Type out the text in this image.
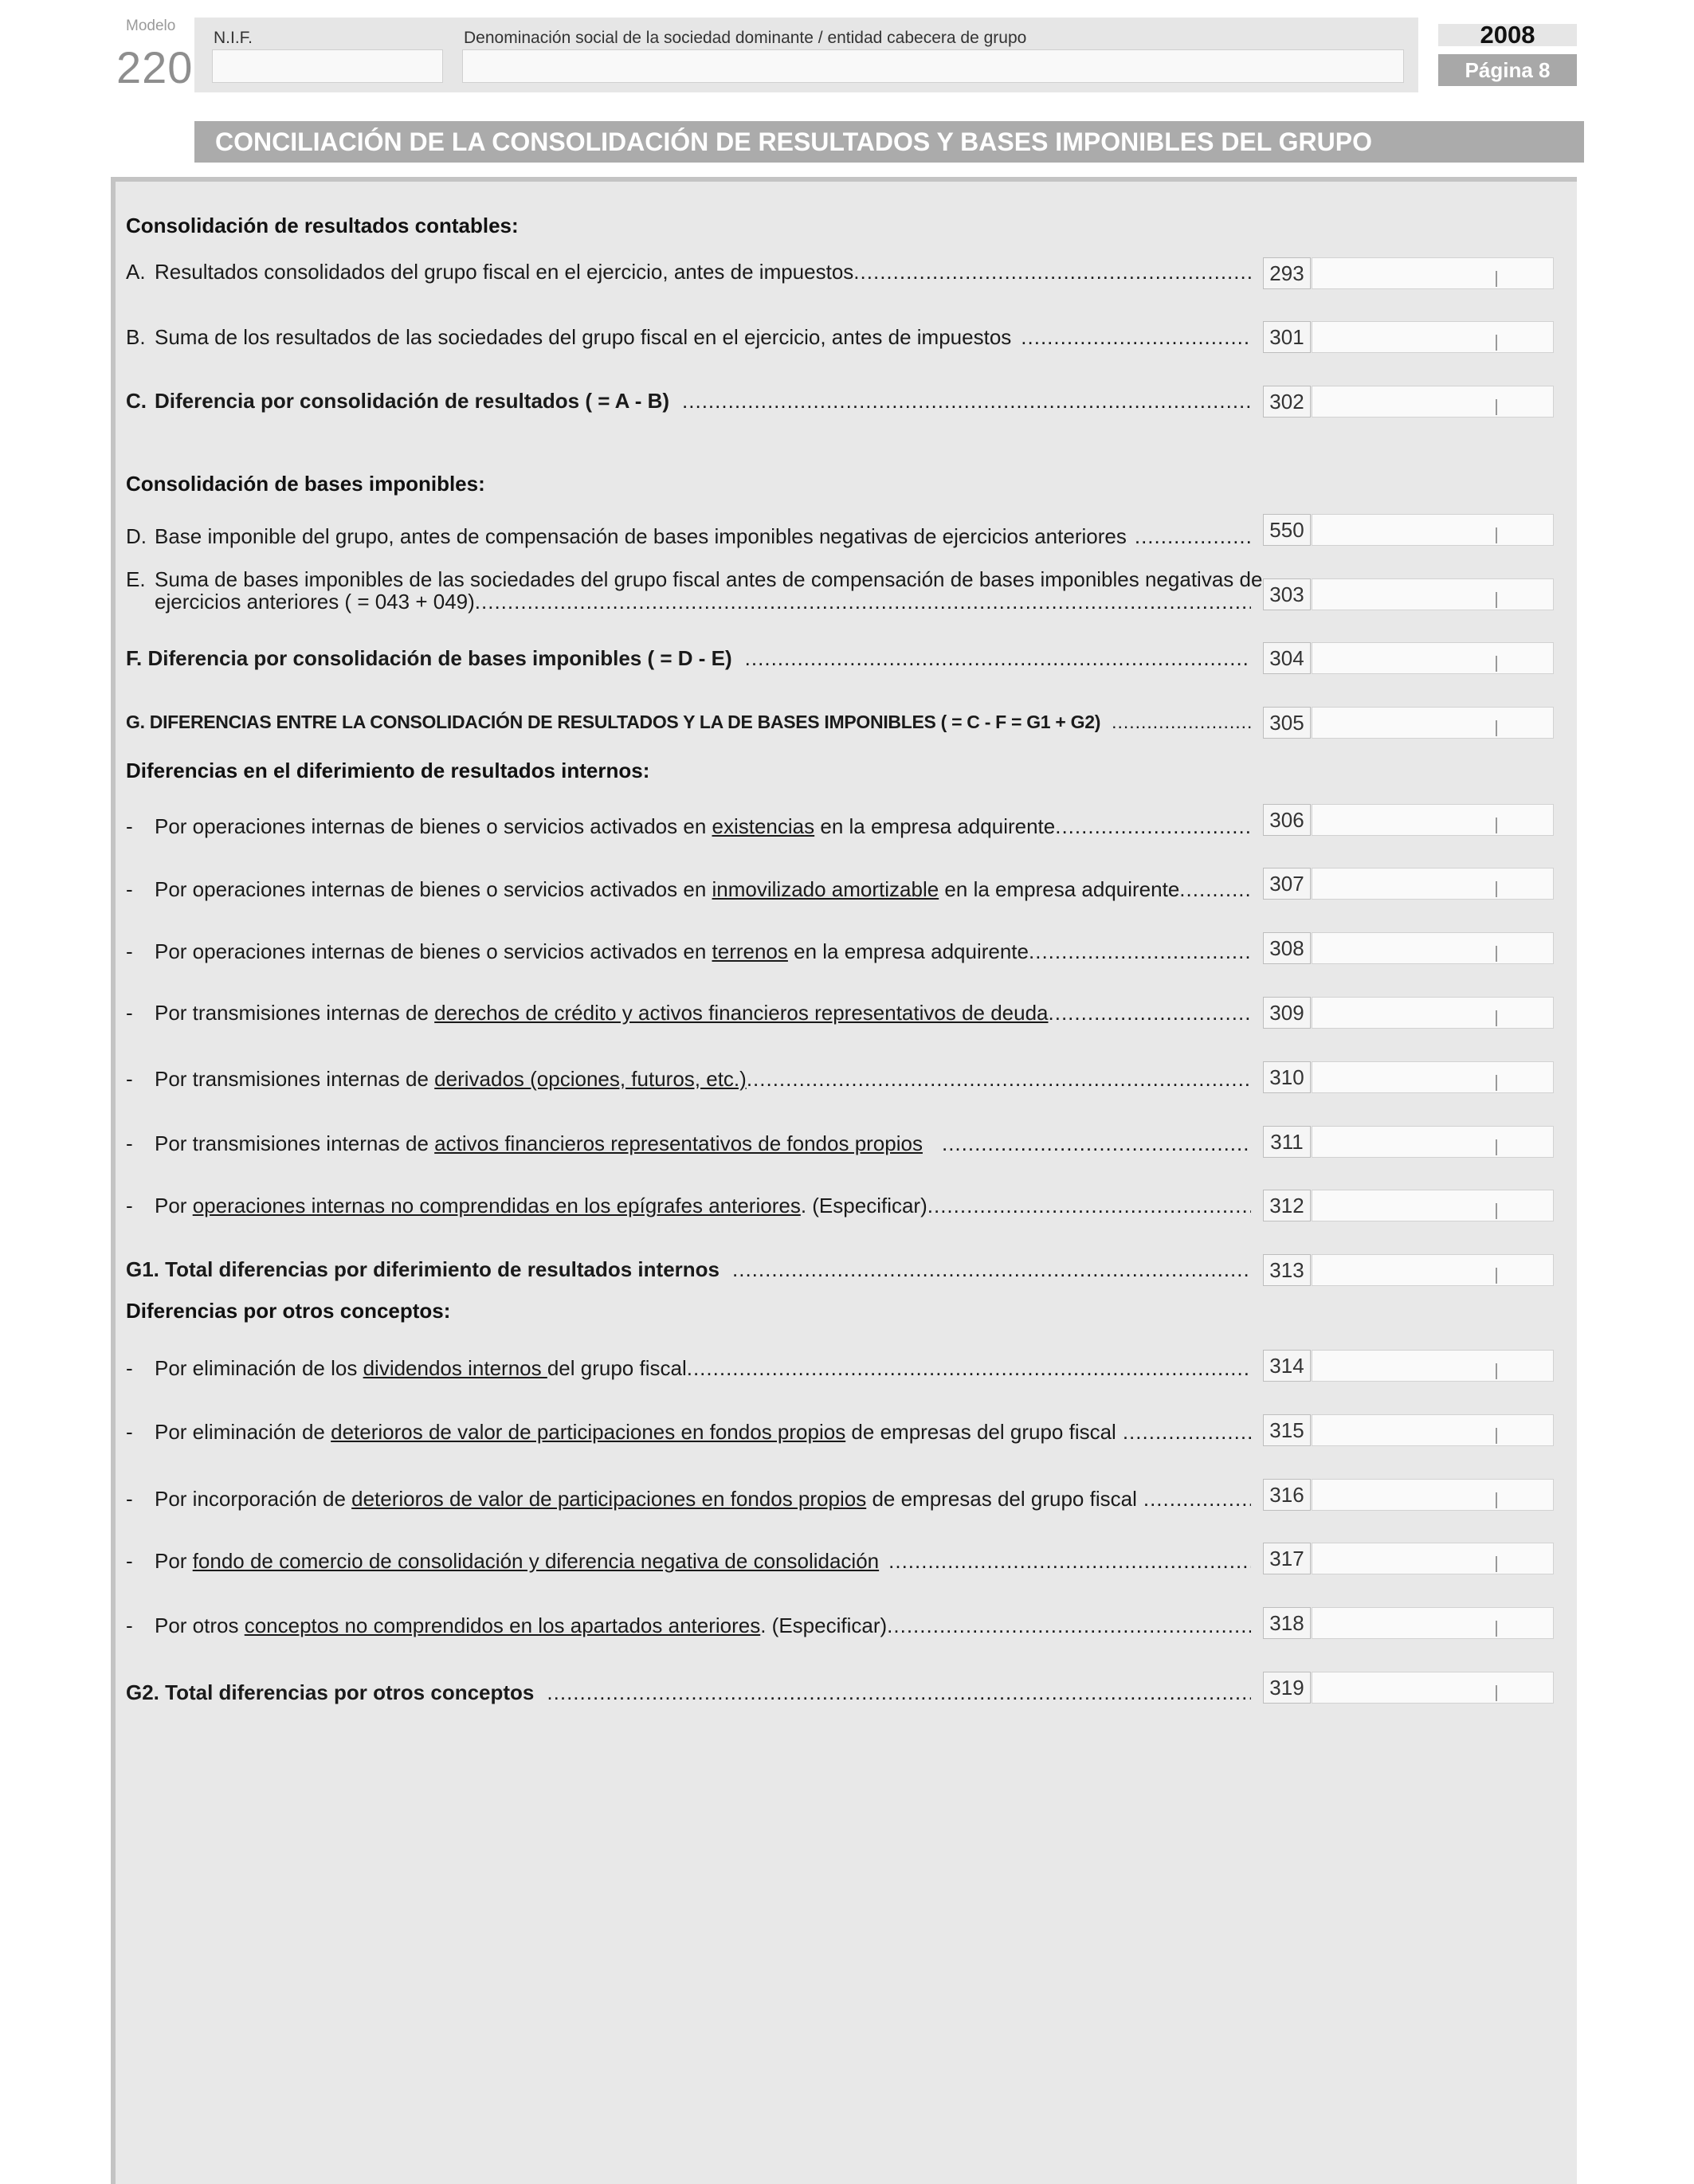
Modelo
220
N.I.F.	Denominación social de la sociedad dominante / entidad cabecera de grupo	2008
Página 8
CONCILIACIÓN DE LA CONSOLIDACIÓN DE RESULTADOS Y BASES IMPONIBLES DEL GRUPO
Consolidación de resultados contables:
A. Resultados consolidados del grupo fiscal en el ejercicio, antes de impuestos .....	293
B. Suma de los resultados de las sociedades del grupo fiscal en el ejercicio, antes de impuestos .....	301
C. Diferencia por consolidación de resultados ( = A - B) .....	302
Consolidación de bases imponibles:
D. Base imponible del grupo, antes de compensación de bases imponibles negativas de ejercicios anteriores .....	550
E. Suma de bases imponibles de las sociedades del grupo fiscal antes de compensación de bases imponibles negativas de
ejercicios anteriores ( = 043 + 049) .....	303
F. Diferencia por consolidación de bases imponibles ( = D - E) .....	304
G. DIFERENCIAS ENTRE LA CONSOLIDACIÓN DE RESULTADOS Y LA DE BASES IMPONIBLES ( = C - F = G1 + G2) .....	305
Diferencias en el diferimiento de resultados internos:
-	Por operaciones internas de bienes o servicios activados en existencias en la empresa adquirente .....	306
-	Por operaciones internas de bienes o servicios activados en inmovilizado amortizable en la empresa adquirente .....	307
-	Por operaciones internas de bienes o servicios activados en terrenos en la empresa adquirente .....	308
-	Por transmisiones internas de derechos de crédito y activos financieros representativos de deuda .....	309
-	Por transmisiones internas de derivados (opciones, futuros, etc.) .....	310
-	Por transmisiones internas de activos financieros representativos de fondos propios .....	311
-	Por operaciones internas no comprendidas en los epígrafes anteriores. (Especificar) .....	312
G1. Total diferencias por diferimiento de resultados internos .....	313
Diferencias por otros conceptos:
-	Por eliminación de los dividendos internos del grupo fiscal .....	314
-	Por eliminación de deterioros de valor de participaciones en fondos propios de empresas del grupo fiscal .....	315
-	Por incorporación de deterioros de valor de participaciones en fondos propios de empresas del grupo fiscal .....	316
-	Por fondo de comercio de consolidación y diferencia negativa de consolidación .....	317
-	Por otros conceptos no comprendidos en los apartados anteriores. (Especificar) .....	318
G2. Total diferencias por otros conceptos .....	319
